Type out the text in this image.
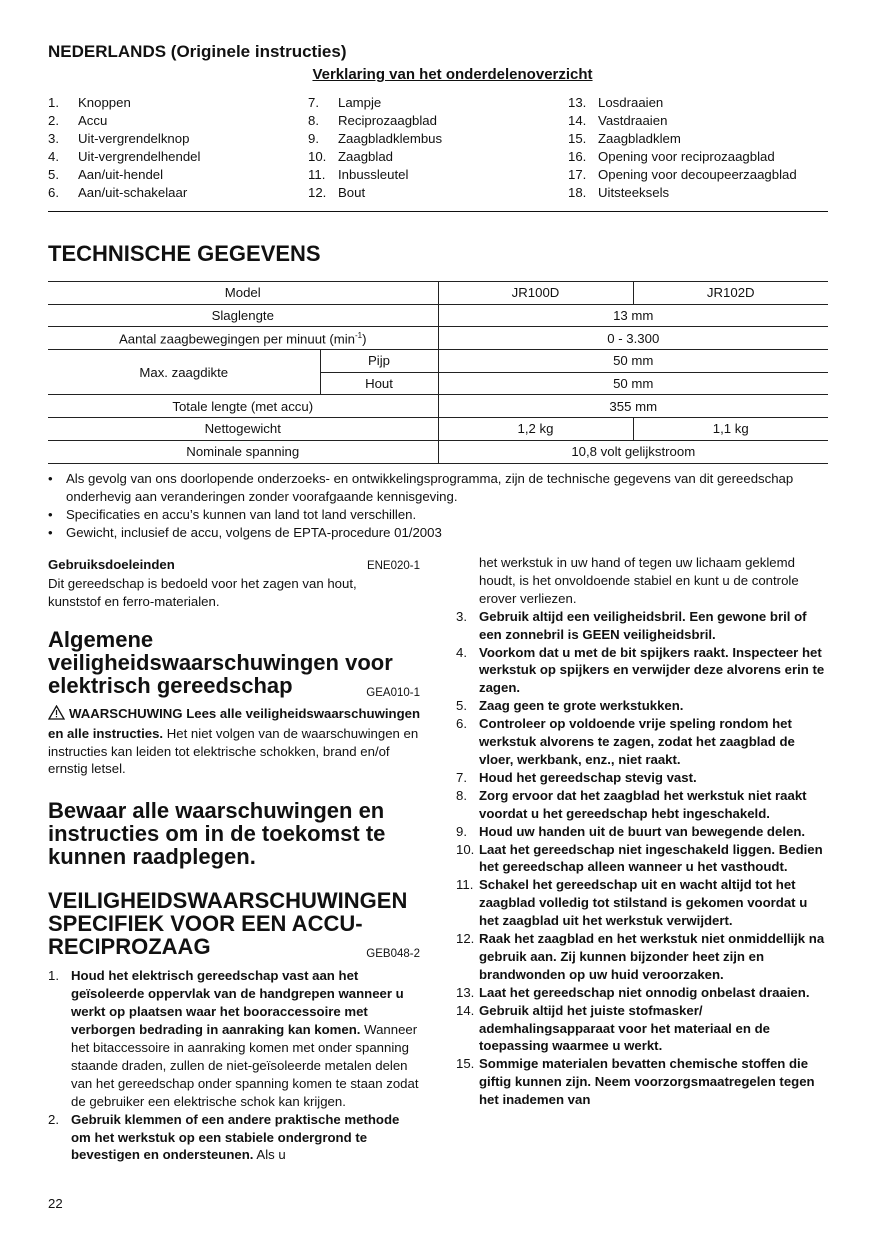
NEDERLANDS (Originele instructies)
Verklaring van het onderdelenoverzicht
1.	Knoppen
2.	Accu
3.	Uit-vergrendelknop
4.	Uit-vergrendelhendel
5.	Aan/uit-hendel
6.	Aan/uit-schakelaar
7.	Lampje
8.	Reciprozaagblad
9.	Zaagbladklembus
10. Zaagblad
11. Inbussleutel
12. Bout
13. Losdraaien
14. Vastdraaien
15. Zaagbladklem
16. Opening voor reciprozaagblad
17. Opening voor decoupeerzaagblad
18. Uitsteeksels
TECHNISCHE GEGEVENS
Model		JR100D	JR102D
Slaglengte		13 mm	
Aantal zaagbewegingen per minuut $(\min^{-1})$		0 - 3.300	
Max. zaagdikte	Pijp	50 mm	
	Hout	50 mm	
Totale lengte (met accu)		355 mm	
Nettogewicht		1,2 kg	1,1 kg
Nominale spanning		10,8 volt gelijkstroom	
•	Als gevolg van ons doorlopende onderzoeks- en ontwikkelingsprogramma, zijn de technische gegevens van dit gereedschap onderhevig aan veranderingen zonder voorafgaande kennisgeving.
•	Specificaties en accu’s kunnen van land tot land verschillen.
•	Gewicht, inclusief de accu, volgens de EPTA-procedure 01/2003
Gebruiksdoeleinden	ENE020-1
Dit gereedschap is bedoeld voor het zagen van hout, kunststof en ferro-materialen.
Algemene veiligheidswaarschuwingen voor elektrisch gereedschap	GEA010-1
WAARSCHUWING Lees alle veiligheidswaarschuwingen en alle instructies. Het niet volgen van de waarschuwingen en instructies kan leiden tot elektrische schokken, brand en/of ernstig letsel.
Bewaar alle waarschuwingen en instructies om in de toekomst te kunnen raadplegen.
VEILIGHEIDSWAARSCHUWINGEN SPECIFIEK VOOR EEN ACCU-RECIPROZAAG	GEB048-2
1. Houd het elektrisch gereedschap vast aan het geïsoleerde oppervlak van de handgrepen wanneer u werkt op plaatsen waar het booraccessoire met verborgen bedrading in aanraking kan komen. Wanneer het bitaccessoire in aanraking komen met onder spanning staande draden, zullen de niet-geïsoleerde metalen delen van het gereedschap onder spanning komen te staan zodat de gebruiker een elektrische schok kan krijgen.
2. Gebruik klemmen of een andere praktische methode om het werkstuk op een stabiele ondergrond te bevestigen en ondersteunen. Als u
het werkstuk in uw hand of tegen uw lichaam geklemd houdt, is het onvoldoende stabiel en kunt u de controle erover verliezen.
3. Gebruik altijd een veiligheidsbril. Een gewone bril of een zonnebril is GEEN veiligheidsbril.
4. Voorkom dat u met de bit spijkers raakt. Inspecteer het werkstuk op spijkers en verwijder deze alvorens erin te zagen.
5. Zaag geen te grote werkstukken.
6. Controleer op voldoende vrije speling rondom het werkstuk alvorens te zagen, zodat het zaagblad de vloer, werkbank, enz., niet raakt.
7. Houd het gereedschap stevig vast.
8. Zorg ervoor dat het zaagblad het werkstuk niet raakt voordat u het gereedschap hebt ingeschakeld.
9. Houd uw handen uit de buurt van bewegende delen.
10. Laat het gereedschap niet ingeschakeld liggen. Bedien het gereedschap alleen wanneer u het vasthoudt.
11. Schakel het gereedschap uit en wacht altijd tot het zaagblad volledig tot stilstand is gekomen voordat u het zaagblad uit het werkstuk verwijdert.
12. Raak het zaagblad en het werkstuk niet onmiddellijk na gebruik aan. Zij kunnen bijzonder heet zijn en brandwonden op uw huid veroorzaken.
13. Laat het gereedschap niet onnodig onbelast draaien.
14. Gebruik altijd het juiste stofmasker/ ademhalingsapparaat voor het materiaal en de toepassing waarmee u werkt.
15. Sommige materialen bevatten chemische stoffen die giftig kunnen zijn. Neem voorzorgsmaatregelen tegen het inademen van
22
